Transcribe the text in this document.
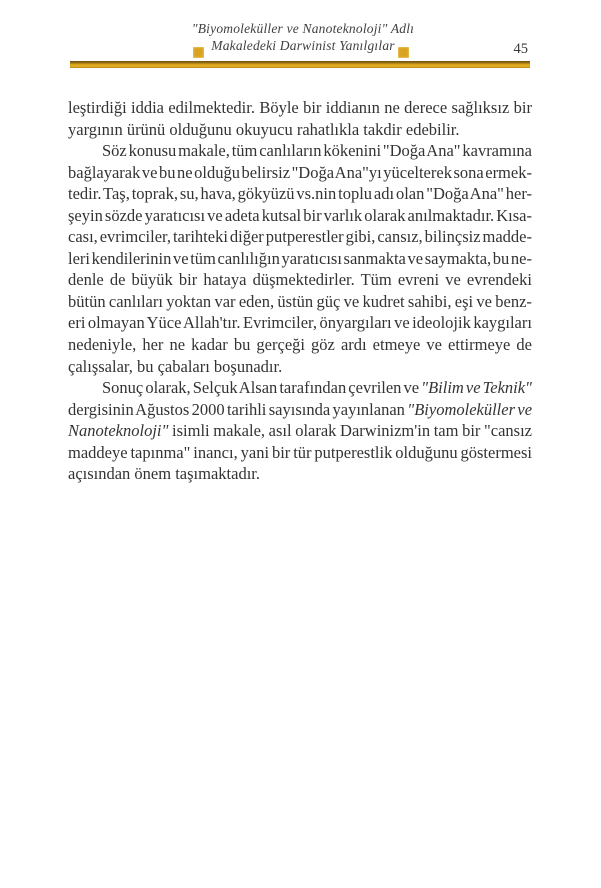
"Biyomoleküller ve Nanoteknoloji" Adlı
Makaledeki Darwinist Yanılgılar	45
leştirdiği iddia edilmektedir. Böyle bir iddianın ne derece sağlıksız bir
yargının ürünü olduğunu okuyucu rahatlıkla takdir edebilir.
Söz konusu makale, tüm canlıların kökenini "Doğa Ana" kavramına
bağlayarak ve bu ne olduğu belirsiz "Doğa Ana"yı yücelterek sona ermek-
tedir. Taş, toprak, su, hava, gökyüzü vs.nin toplu adı olan "Doğa Ana" her-
şeyin sözde yaratıcısı ve adeta kutsal bir varlık olarak anılmaktadır. Kısa-
cası, evrimciler, tarihteki diğer putperestler gibi, cansız, bilinçsiz madde-
leri kendilerinin ve tüm canlılığın yaratıcısı sanmakta ve saymakta, bu ne-
denle de büyük bir hataya düşmektedirler. Tüm evreni ve evrendeki
bütün canlıları yoktan var eden, üstün güç ve kudret sahibi, eşi ve benz-
eri olmayan Yüce Allah'tır. Evrimciler, önyargıları ve ideolojik kaygıları
nedeniyle, her ne kadar bu gerçeği göz ardı etmeye ve ettirmeye de
çalışsalar, bu çabaları boşunadır.
Sonuç olarak, Selçuk Alsan tarafından çevrilen ve "Bilim ve Teknik"
dergisinin Ağustos 2000 tarihli sayısında yayınlanan "Biyomoleküller ve
Nanoteknoloji" isimli makale, asıl olarak Darwinizm'in tam bir "cansız
maddeye tapınma" inancı, yani bir tür putperestlik olduğunu göstermesi
açısından önem taşımaktadır.
